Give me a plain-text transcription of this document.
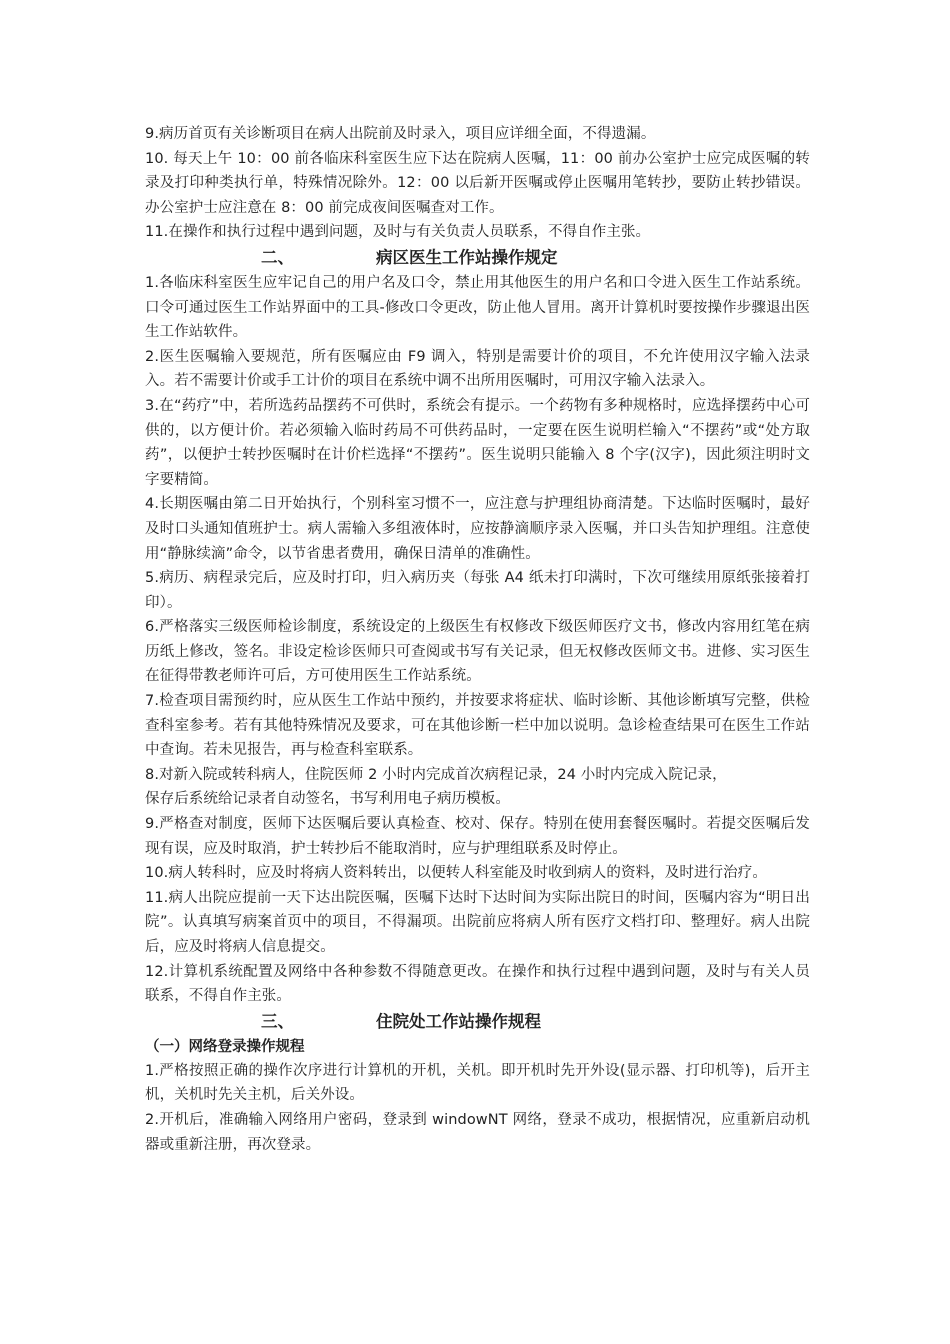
9.病历首页有关诊断项目在病人出院前及时录入，项目应详细全面，不得遗漏。

10. 每天上午 10：00 前各临床科室医生应下达在院病人医嘱，11：00 前办公室护士应完成医嘱的转录及打印种类执行单，特殊情况除外。12：00 以后新开医嘱或停止医嘱用笔转抄，要防止转抄错误。办公室护士应注意在 8：00 前完成夜间医嘱查对工作。

11.在操作和执行过程中遇到问题，及时与有关负责人员联系，不得自作主张。

二、	病区医生工作站操作规定

1.各临床科室医生应牢记自己的用户名及口令，禁止用其他医生的用户名和口令进入医生工作站系统。口令可通过医生工作站界面中的工具-修改口令更改，防止他人冒用。离开计算机时要按操作步骤退出医生工作站软件。

2.医生医嘱输入要规范，所有医嘱应由 F9 调入，特别是需要计价的项目，不允许使用汉字输入法录入。若不需要计价或手工计价的项目在系统中调不出所用医嘱时，可用汉字输入法录入。

3.在“药疗”中，若所选药品摆药不可供时，系统会有提示。一个药物有多种规格时，应选择摆药中心可供的，以方便计价。若必须输入临时药局不可供药品时，一定要在医生说明栏输入“不摆药”或“处方取药”，以便护士转抄医嘱时在计价栏选择“不摆药”。医生说明只能输入 8 个字(汉字)，因此须注明时文字要精简。

4.长期医嘱由第二日开始执行，个别科室习惯不一，应注意与护理组协商清楚。下达临时医嘱时，最好及时口头通知值班护士。病人需输入多组液体时，应按静滴顺序录入医嘱，并口头告知护理组。注意使用“静脉续滴”命令，以节省患者费用，确保日清单的准确性。

5.病历、病程录完后，应及时打印，归入病历夹（每张 A4 纸未打印满时，下次可继续用原纸张接着打印）。

6.严格落实三级医师检诊制度，系统设定的上级医生有权修改下级医师医疗文书，修改内容用红笔在病历纸上修改，签名。非设定检诊医师只可查阅或书写有关记录，但无权修改医师文书。进修、实习医生在征得带教老师许可后，方可使用医生工作站系统。

7.检查项目需预约时，应从医生工作站中预约，并按要求将症状、临时诊断、其他诊断填写完整，供检查科室参考。若有其他特殊情况及要求，可在其他诊断一栏中加以说明。急诊检查结果可在医生工作站中查询。若未见报告，再与检查科室联系。

8.对新入院或转科病人，住院医师 2 小时内完成首次病程记录，24 小时内完成入院记录，
保存后系统给记录者自动签名，书写利用电子病历模板。

9.严格查对制度，医师下达医嘱后要认真检查、校对、保存。特别在使用套餐医嘱时。若提交医嘱后发现有误，应及时取消，护士转抄后不能取消时，应与护理组联系及时停止。

10.病人转科时，应及时将病人资料转出，以便转人科室能及时收到病人的资料，及时进行治疗。

11.病人出院应提前一天下达出院医嘱，医嘱下达时下达时间为实际出院日的时间，医嘱内容为“明日出院”。认真填写病案首页中的项目，不得漏项。出院前应将病人所有医疗文档打印、整理好。病人出院后，应及时将病人信息提交。

12.计算机系统配置及网络中各种参数不得随意更改。在操作和执行过程中遇到问题，及时与有关人员联系，不得自作主张。

三、	住院处工作站操作规程

（一）网络登录操作规程

1.严格按照正确的操作次序进行计算机的开机，关机。即开机时先开外设(显示器、打印机等)，后开主机，关机时先关主机，后关外设。

2.开机后，准确输入网络用户密码，登录到 windowNT 网络，登录不成功，根据情况，应重新启动机器或重新注册，再次登录。
